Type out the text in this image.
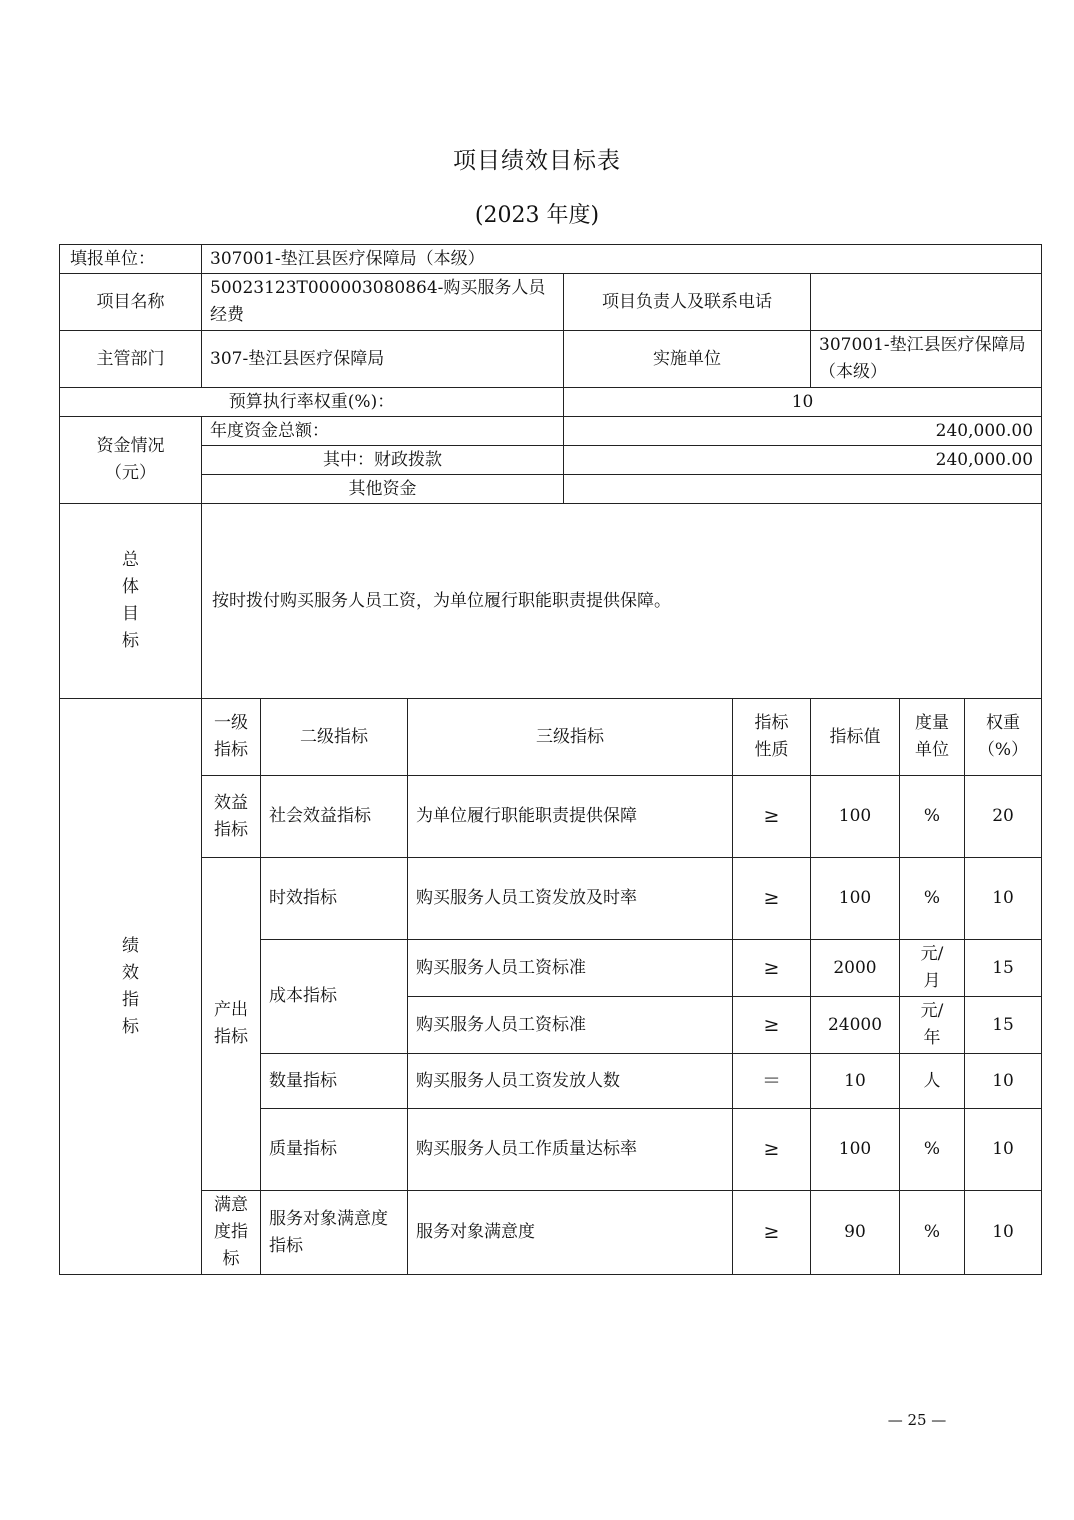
项目绩效目标表
(2023 年度)
填报单位：	307001-垫江县医疗保障局（本级）							
项目名称	50023123T000003080864-购买服务人员经费			项目负责人及联系电话				
主管部门	307-垫江县医疗保障局			实施单位		307001-垫江县医疗保障局（本级）		
预算执行率权重(%)：				10				
资金情况
（元）	年度资金总额：			240,000.00				
	其中：财政拨款			240,000.00				
	其他资金							

总
体
目
标	按时拨付购买服务人员工资，为单位履行职能职责提供保障。							

绩
效
指
标	一级指标	二级指标	三级指标		指标性质	指标值	度量单位	权重（%）
	效益指标	社会效益指标	为单位履行职能职责提供保障		≥	100	%	20
	产出指标	时效指标	购买服务人员工资发放及时率		≥	100	%	10
		成本指标	购买服务人员工资标准		≥	2000	元/月	15
			购买服务人员工资标准		≥	24000	元/年	15
		数量指标	购买服务人员工资发放人数		＝	10	人	10
		质量指标	购买服务人员工作质量达标率		≥	100	%	10
	满意度指标	服务对象满意度指标	服务对象满意度		≥	90	%	10
— 25 —
